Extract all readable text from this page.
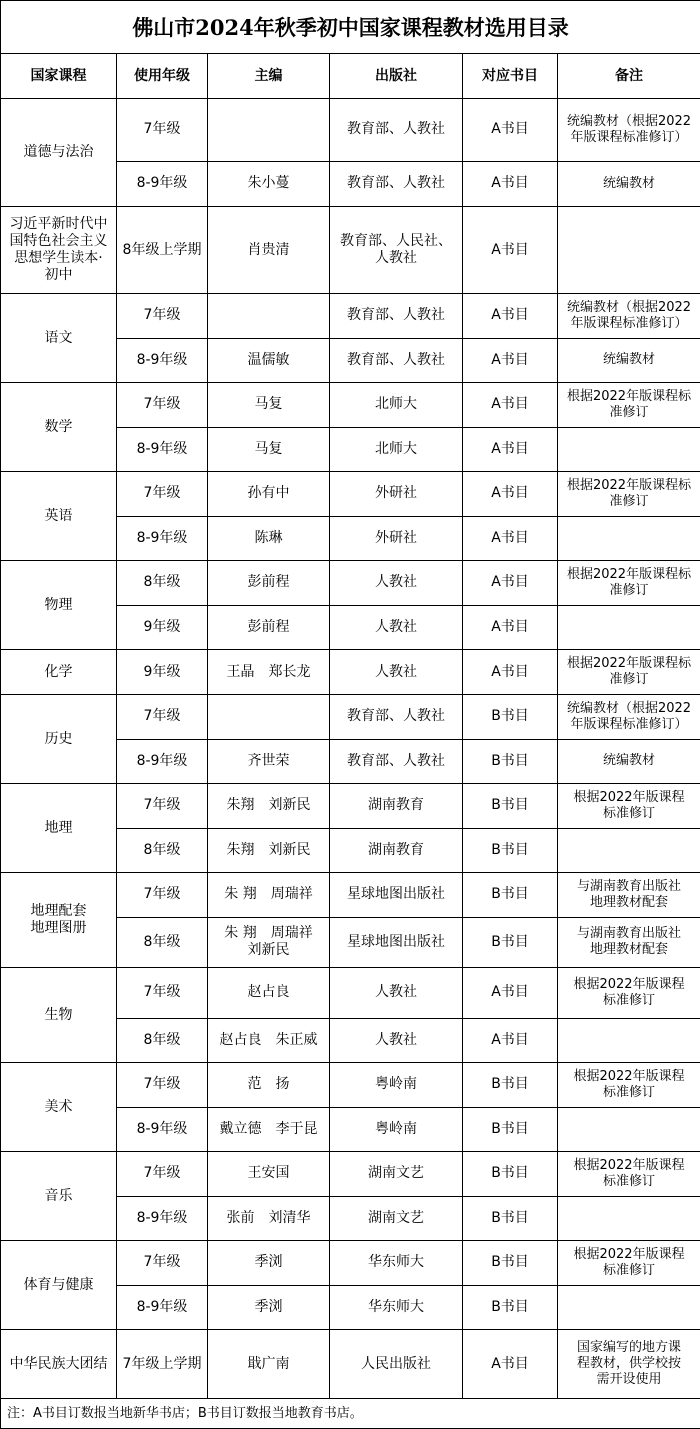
佛山市2024年秋季初中国家课程教材选用目录					
国家课程	使用年级	主编	出版社	对应书目	备注
道德与法治	7年级		教育部、人教社	A书目	统编教材（根据2022
年版课程标准修订）
	8-9年级	朱小蔓	教育部、人教社	A书目	统编教材
习近平新时代中
国特色社会主义
思想学生读本·
初中	8年级上学期	肖贵清	教育部、人民社、
人教社	A书目	
语文	7年级		教育部、人教社	A书目	统编教材（根据2022
年版课程标准修订）
	8-9年级	温儒敏	教育部、人教社	A书目	统编教材
数学	7年级	马复	北师大	A书目	根据2022年版课程标
准修订
	8-9年级	马复	北师大	A书目	
英语	7年级	孙有中	外研社	A书目	根据2022年版课程标
准修订
	8-9年级	陈琳	外研社	A书目	
物理	8年级	彭前程	人教社	A书目	根据2022年版课程标
准修订
	9年级	彭前程	人教社	A书目	
化学	9年级	王晶　郑长龙	人教社	A书目	根据2022年版课程标
准修订
历史	7年级		教育部、人教社	B书目	统编教材（根据2022
年版课程标准修订）
	8-9年级	齐世荣	教育部、人教社	B书目	统编教材
地理	7年级	朱翔　刘新民	湖南教育	B书目	根据2022年版课程
标准修订
	8年级	朱翔　刘新民	湖南教育	B书目	
地理配套
地理图册	7年级	朱 翔　周瑞祥	星球地图出版社	B书目	与湖南教育出版社
地理教材配套
	8年级	朱 翔　周瑞祥
刘新民	星球地图出版社	B书目	与湖南教育出版社
地理教材配套
生物	7年级	赵占良	人教社	A书目	根据2022年版课程
标准修订
	8年级	赵占良　朱正威	人教社	A书目	
美术	7年级	范　扬	粤岭南	B书目	根据2022年版课程
标准修订
	8-9年级	戴立德　李于昆	粤岭南	B书目	
音乐	7年级	王安国	湖南文艺	B书目	根据2022年版课程
标准修订
	8-9年级	张前　刘清华	湖南文艺	B书目	
体育与健康	7年级	季浏	华东师大	B书目	根据2022年版课程
标准修订
	8-9年级	季浏	华东师大	B书目	
中华民族大团结	7年级上学期	戢广南	人民出版社	A书目	国家编写的地方课
程教材，供学校按
需开设使用
注：A书目订数报当地新华书店；B书目订数报当地教育书店。					
